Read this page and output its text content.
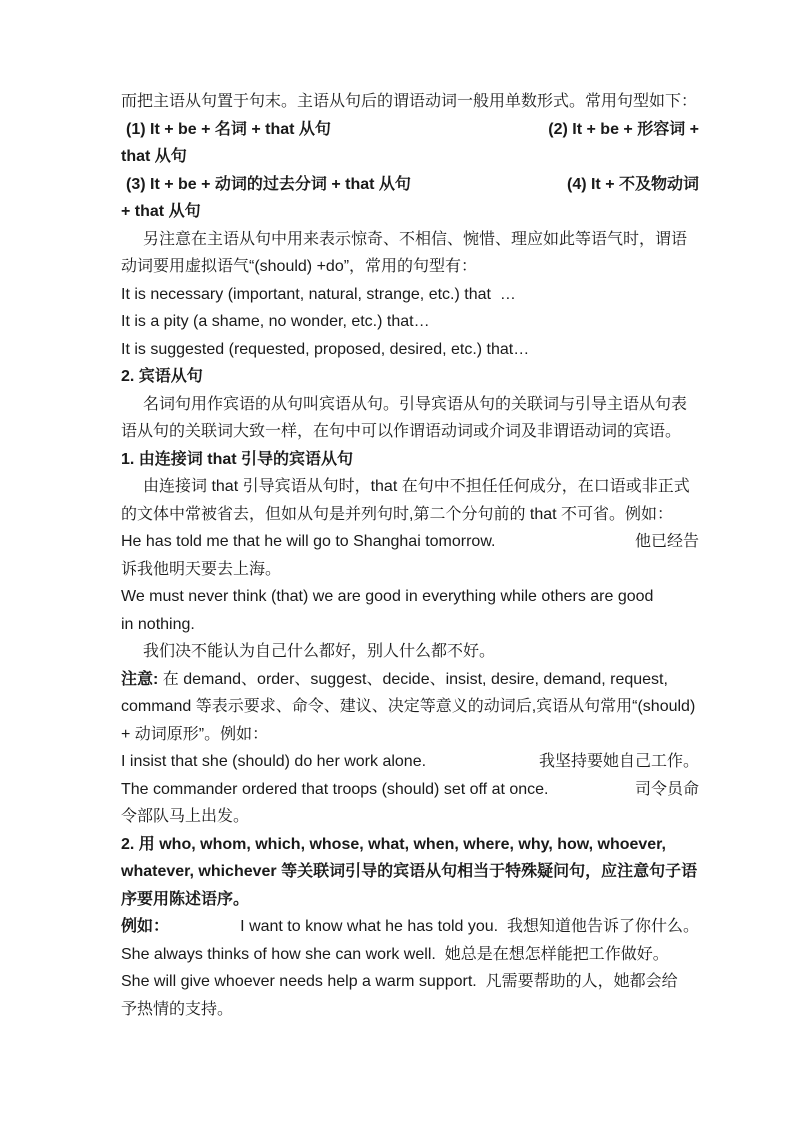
而把主语从句置于句末。主语从句后的谓语动词一般用单数形式。常用句型如下：
(1) It + be + 名词 + that 从句	(2) It + be + 形容词 +
that 从句
(3) It + be + 动词的过去分词 + that 从句	(4) It + 不及物动词
+ that 从句
另注意在主语从句中用来表示惊奇、不相信、惋惜、理应如此等语气时，谓语
动词要用虚拟语气“(should) +do”，常用的句型有：
It is necessary (important, natural, strange, etc.) that  …
It is a pity (a shame, no wonder, etc.) that…
It is suggested (requested, proposed, desired, etc.) that…
2. 宾语从句
名词句用作宾语的从句叫宾语从句。引导宾语从句的关联词与引导主语从句表
语从句的关联词大致一样，在句中可以作谓语动词或介词及非谓语动词的宾语。
1. 由连接词 that 引导的宾语从句
由连接词 that 引导宾语从句时，that 在句中不担任任何成分，在口语或非正式
的文体中常被省去，但如从句是并列句时,第二个分句前的 that 不可省。例如：
He has told me that he will go to Shanghai tomorrow.	他已经告
诉我他明天要去上海。
We must never think (that) we are good in everything while others are good
in nothing.
我们决不能认为自己什么都好，别人什么都不好。
注意: 在 demand、order、suggest、decide、insist, desire, demand, request,
command 等表示要求、命令、建议、决定等意义的动词后,宾语从句常用“(should)
+ 动词原形”。例如：
I insist that she (should) do her work alone.	我坚持要她自己工作。
The commander ordered that troops (should) set off at once.	司令员命
令部队马上出发。
2. 用 who, whom, which, whose, what, when, where, why, how, whoever,
whatever, whichever 等关联词引导的宾语从句相当于特殊疑问句，应注意句子语
序要用陈述语序。
例如：	I want to know what he has told you.  我想知道他告诉了你什么。
She always thinks of how she can work well.  她总是在想怎样能把工作做好。
She will give whoever needs help a warm support.  凡需要帮助的人，她都会给
予热情的支持。
